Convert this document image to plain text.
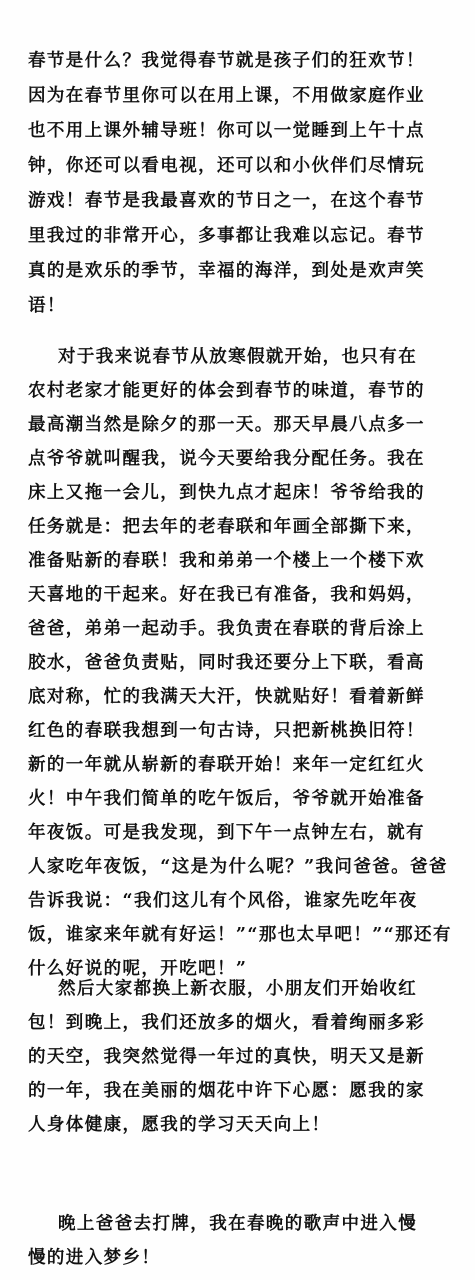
春节是什么？我觉得春节就是孩子们的狂欢节！
因为在春节里你可以在用上课，不用做家庭作业
也不用上课外辅导班！你可以一觉睡到上午十点
钟，你还可以看电视，还可以和小伙伴们尽情玩
游戏！春节是我最喜欢的节日之一，在这个春节
里我过的非常开心，多事都让我难以忘记。春节
真的是欢乐的季节，幸福的海洋，到处是欢声笑
语！
对于我来说春节从放寒假就开始，也只有在
农村老家才能更好的体会到春节的味道，春节的
最高潮当然是除夕的那一天。那天早晨八点多一
点爷爷就叫醒我，说今天要给我分配任务。我在
床上又拖一会儿，到快九点才起床！爷爷给我的
任务就是：把去年的老春联和年画全部撕下来，
准备贴新的春联！我和弟弟一个楼上一个楼下欢
天喜地的干起来。好在我已有准备，我和妈妈，
爸爸，弟弟一起动手。我负责在春联的背后涂上
胶水，爸爸负责贴，同时我还要分上下联，看高
底对称，忙的我满天大汗，快就贴好！看着新鲜
红色的春联我想到一句古诗，只把新桃换旧符！
新的一年就从崭新的春联开始！来年一定红红火
火！中午我们简单的吃午饭后，爷爷就开始准备
年夜饭。可是我发现，到下午一点钟左右，就有
人家吃年夜饭，“这是为什么呢？”我问爸爸。爸爸
告诉我说：“我们这儿有个风俗，谁家先吃年夜
饭，谁家来年就有好运！”“那也太早吧！”“那还有
什么好说的呢，开吃吧！”
然后大家都换上新衣服，小朋友们开始收红
包！到晚上，我们还放多的烟火，看着绚丽多彩
的天空，我突然觉得一年过的真快，明天又是新
的一年，我在美丽的烟花中许下心愿：愿我的家
人身体健康，愿我的学习天天向上！
晚上爸爸去打牌，我在春晚的歌声中进入慢
慢的进入梦乡！
